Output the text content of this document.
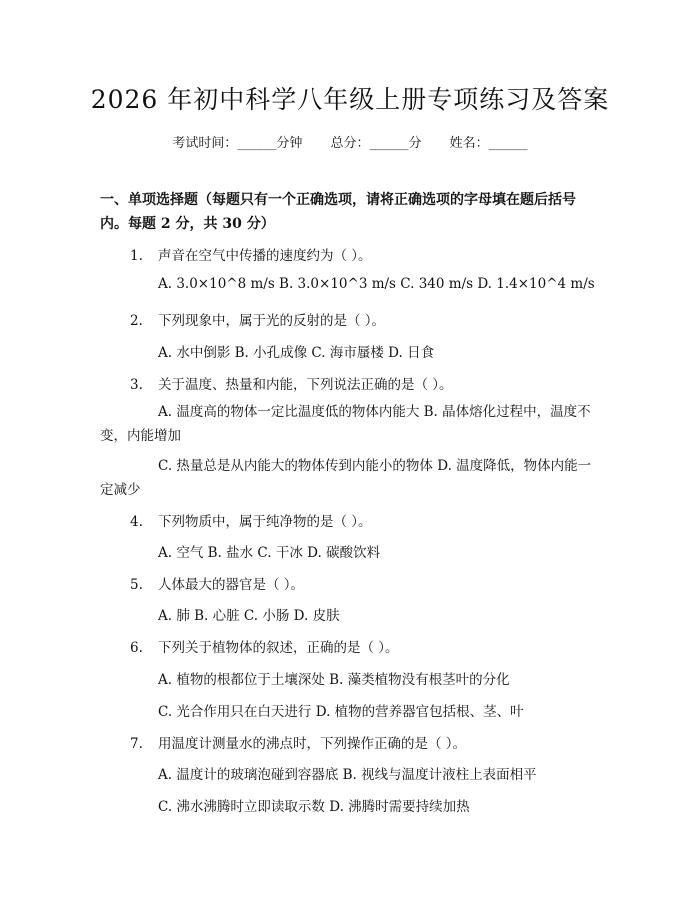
2026 年初中科学八年级上册专项练习及答案
考试时间：______分钟 总分：______分 姓名：______
一、单项选择题（每题只有一个正确选项，请将正确选项的字母填在题后括号内。每题 2 分，共 30 分）
1. 声音在空气中传播的速度约为（ ）。
A. 3.0×10^8 m/s B. 3.0×10^3 m/s C. 340 m/s D. 1.4×10^4 m/s
2. 下列现象中，属于光的反射的是（ ）。
A. 水中倒影 B. 小孔成像 C. 海市蜃楼 D. 日食
3. 关于温度、热量和内能，下列说法正确的是（ ）。
A. 温度高的物体一定比温度低的物体内能大 B. 晶体熔化过程中，温度不变，内能增加
C. 热量总是从内能大的物体传到内能小的物体 D. 温度降低，物体内能一定减少
4. 下列物质中，属于纯净物的是（ ）。
A. 空气 B. 盐水 C. 干冰 D. 碳酸饮料
5. 人体最大的器官是（ ）。
A. 肺 B. 心脏 C. 小肠 D. 皮肤
6. 下列关于植物体的叙述，正确的是（ ）。
A. 植物的根都位于土壤深处 B. 藻类植物没有根茎叶的分化
C. 光合作用只在白天进行 D. 植物的营养器官包括根、茎、叶
7. 用温度计测量水的沸点时，下列操作正确的是（ ）。
A. 温度计的玻璃泡碰到容器底 B. 视线与温度计液柱上表面相平
C. 沸水沸腾时立即读取示数 D. 沸腾时需要持续加热
